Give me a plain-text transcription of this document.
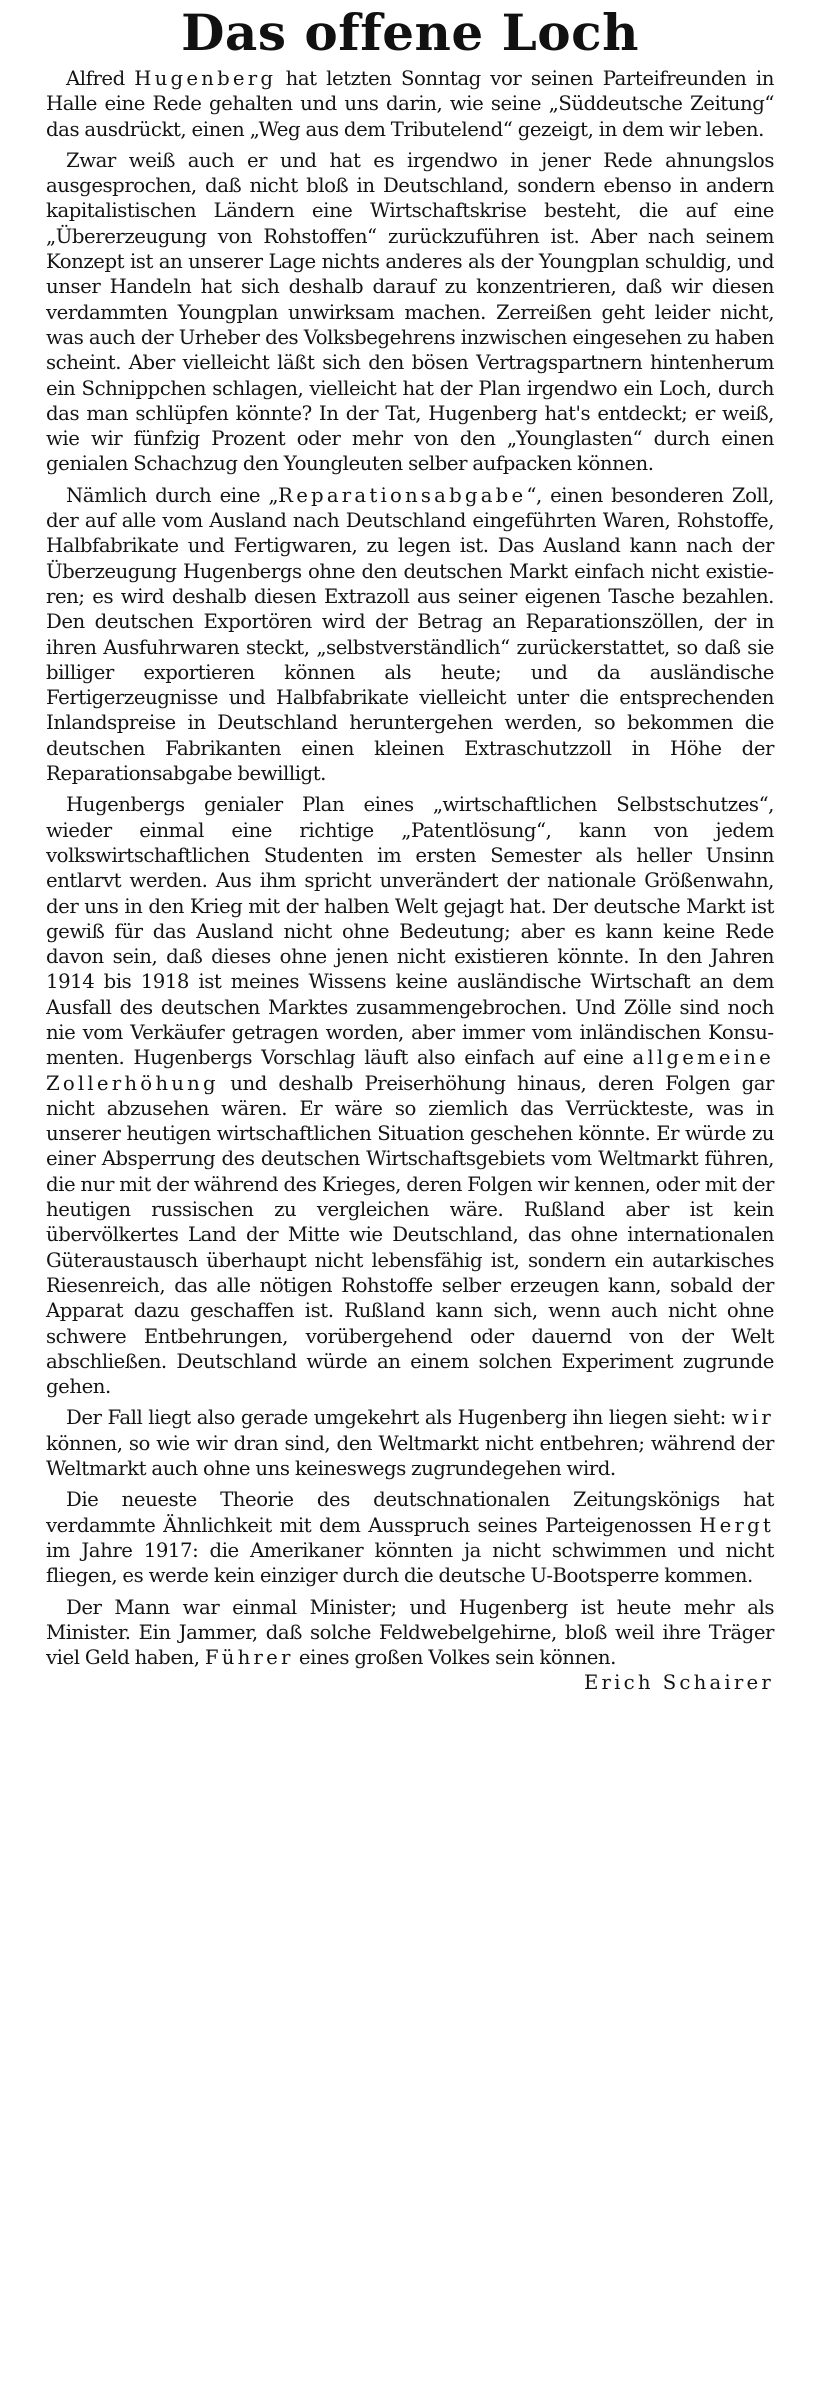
Das offene Loch

Alfred Hugenberg hat letzten Sonntag vor seinen Parteifreunden in Halle eine Rede gehalten und uns darin, wie seine „Süddeutsche Zeitung“ das ausdrückt, einen „Weg aus dem Tributelend“ gezeigt, in dem wir leben.

Zwar weiß auch er und hat es irgendwo in jener Rede ahnungslos ausgesprochen, daß nicht bloß in Deutschland, sondern ebenso in andern kapitalistischen Ländern eine Wirtschaftskrise besteht, die auf eine „Übererzeugung von Rohstoffen“ zurückzuführen ist. Aber nach seinem Konzept ist an unserer Lage nichts anderes als der Youngplan schuldig, und unser Handeln hat sich deshalb darauf zu konzentrieren, daß wir diesen verdammten Youngplan unwirksam machen. Zerreißen geht leider nicht, was auch der Urheber des Volksbegehrens inzwischen eingesehen zu haben scheint. Aber vielleicht läßt sich den bösen Vertragspartnern hintenherum ein Schnippchen schlagen, vielleicht hat der Plan irgendwo ein Loch, durch das man schlüpfen könnte? In der Tat, Hugenberg hat's entdeckt; er weiß, wie wir fünfzig Prozent oder mehr von den „Younglasten“ durch einen genialen Schachzug den Youngleuten selber aufpacken können.

Nämlich durch eine „Reparationsabgabe“, einen besonderen Zoll, der auf alle vom Ausland nach Deutschland eingeführten Waren, Rohstoffe, Halbfabrikate und Fertigwaren, zu legen ist. Das Ausland kann nach der Überzeugung Hugenbergs ohne den deutschen Markt einfach nicht existieren; es wird deshalb diesen Extrazoll aus seiner eigenen Tasche bezahlen. Den deutschen Exportören wird der Betrag an Reparationszöllen, der in ihren Ausfuhrwaren steckt, „selbstverständlich“ zurückerstattet, so daß sie billiger exportieren können als heute; und da ausländische Fertigerzeugnisse und Halbfabrikate vielleicht unter die entsprechenden Inlandspreise in Deutschland heruntergehen werden, so bekommen die deutschen Fabrikanten einen kleinen Extraschutzzoll in Höhe der Reparationsabgabe bewilligt.

Hugenbergs genialer Plan eines „wirtschaftlichen Selbstschutzes“, wieder einmal eine richtige „Patentlösung“, kann von jedem volkswirtschaftlichen Studenten im ersten Semester als heller Unsinn entlarvt werden. Aus ihm spricht unverändert der nationale Größenwahn, der uns in den Krieg mit der halben Welt gejagt hat. Der deutsche Markt ist gewiß für das Ausland nicht ohne Bedeutung; aber es kann keine Rede davon sein, daß dieses ohne jenen nicht existieren könnte. In den Jahren 1914 bis 1918 ist meines Wissens keine ausländische Wirtschaft an dem Ausfall des deutschen Marktes zusammengebrochen. Und Zölle sind noch nie vom Verkäufer getragen worden, aber immer vom inländischen Konsumenten. Hugenbergs Vorschlag läuft also einfach auf eine allgemeine Zollerhöhung und deshalb Preiserhöhung hinaus, deren Folgen gar nicht abzusehen wären. Er wäre so ziemlich das Verrückteste, was in unserer heutigen wirtschaftlichen Situation geschehen könnte. Er würde zu einer Absperrung des deutschen Wirtschaftsgebiets vom Weltmarkt führen, die nur mit der während des Krieges, deren Folgen wir kennen, oder mit der heutigen russischen zu vergleichen wäre. Rußland aber ist kein übervölkertes Land der Mitte wie Deutschland, das ohne internationalen Güteraustausch überhaupt nicht lebensfähig ist, sondern ein autarkisches Riesenreich, das alle nötigen Rohstoffe selber erzeugen kann, sobald der Apparat dazu geschaffen ist. Rußland kann sich, wenn auch nicht ohne schwere Entbehrungen, vorübergehend oder dauernd von der Welt abschließen. Deutschland würde an einem solchen Experiment zugrunde gehen.

Der Fall liegt also gerade umgekehrt als Hugenberg ihn liegen sieht: wir können, so wie wir dran sind, den Weltmarkt nicht entbehren; während der Weltmarkt auch ohne uns keineswegs zugrundegehen wird.

Die neueste Theorie des deutschnationalen Zeitungskönigs hat verdammte Ähnlichkeit mit dem Ausspruch seines Parteigenossen Hergt im Jahre 1917: die Amerikaner könnten ja nicht schwimmen und nicht fliegen, es werde kein einziger durch die deutsche U-Bootsperre kommen.

Der Mann war einmal Minister; und Hugenberg ist heute mehr als Minister. Ein Jammer, daß solche Feldwebelgehirne, bloß weil ihre Träger viel Geld haben, Führer eines großen Volkes sein können.
Erich Schairer
